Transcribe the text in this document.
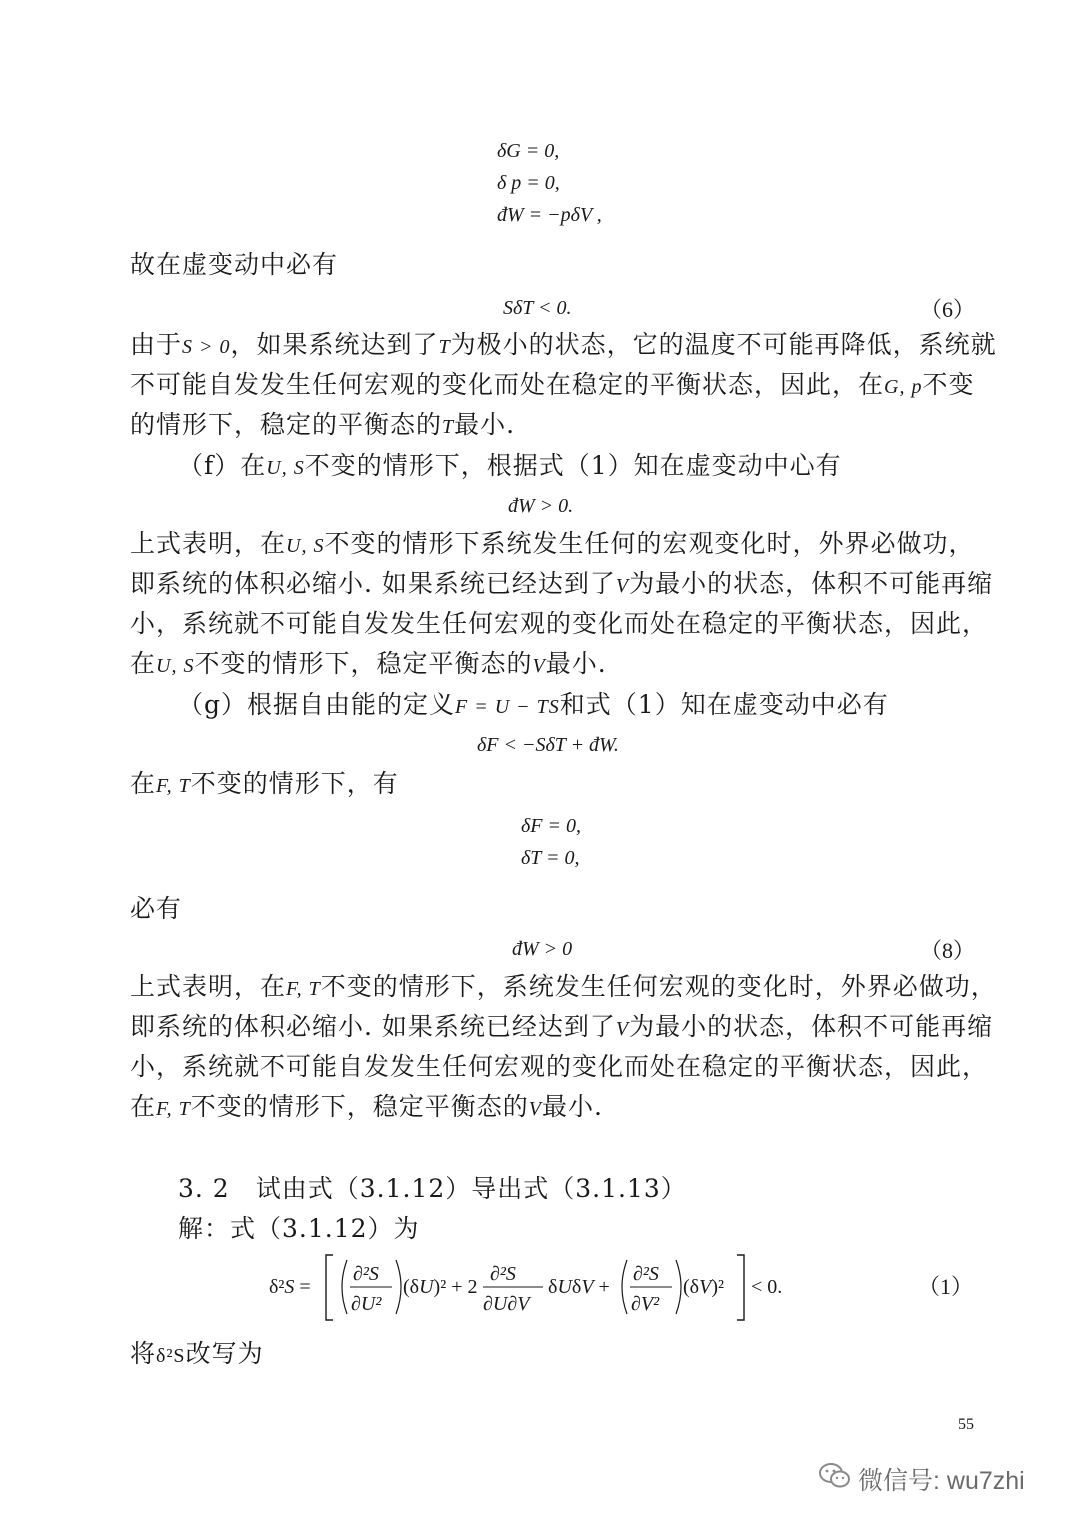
δG = 0,
δ p = 0,
đW = −pδV ,
故在虚变动中必有
SδT < 0.	（6）
由于S > 0，如果系统达到了T为极小的状态，它的温度不可能再降低，系统就
不可能自发发生任何宏观的变化而处在稳定的平衡状态，因此，在G, p不变
的情形下，稳定的平衡态的T最小.
（f）在U, S不变的情形下，根据式（1）知在虚变动中心有
đW > 0.
上式表明，在U, S不变的情形下系统发生任何的宏观变化时，外界必做功，
即系统的体积必缩小. 如果系统已经达到了V为最小的状态，体积不可能再缩
小，系统就不可能自发发生任何宏观的变化而处在稳定的平衡状态，因此，
在U, S不变的情形下，稳定平衡态的V最小.
（g）根据自由能的定义F = U − TS和式（1）知在虚变动中必有
δF < −SδT + đW.
在F, T不变的情形下，有
δF = 0,
δT = 0,
必有
đW > 0	（8）
上式表明，在F, T不变的情形下，系统发生任何宏观的变化时，外界必做功，
即系统的体积必缩小. 如果系统已经达到了V为最小的状态，体积不可能再缩
小，系统就不可能自发发生任何宏观的变化而处在稳定的平衡状态，因此，
在F, T不变的情形下，稳定平衡态的V最小.
3. 2　试由式（3.1.12）导出式（3.1.13）
解：式（3.1.12）为
δ²S =
∂²S
∂U²
(δU)² + 2
∂²S
∂U∂V
δUδV +
∂²S
∂V²
(δV)² < 0.	（1）
将δ²S改写为
55
微信号: wu7zhi
